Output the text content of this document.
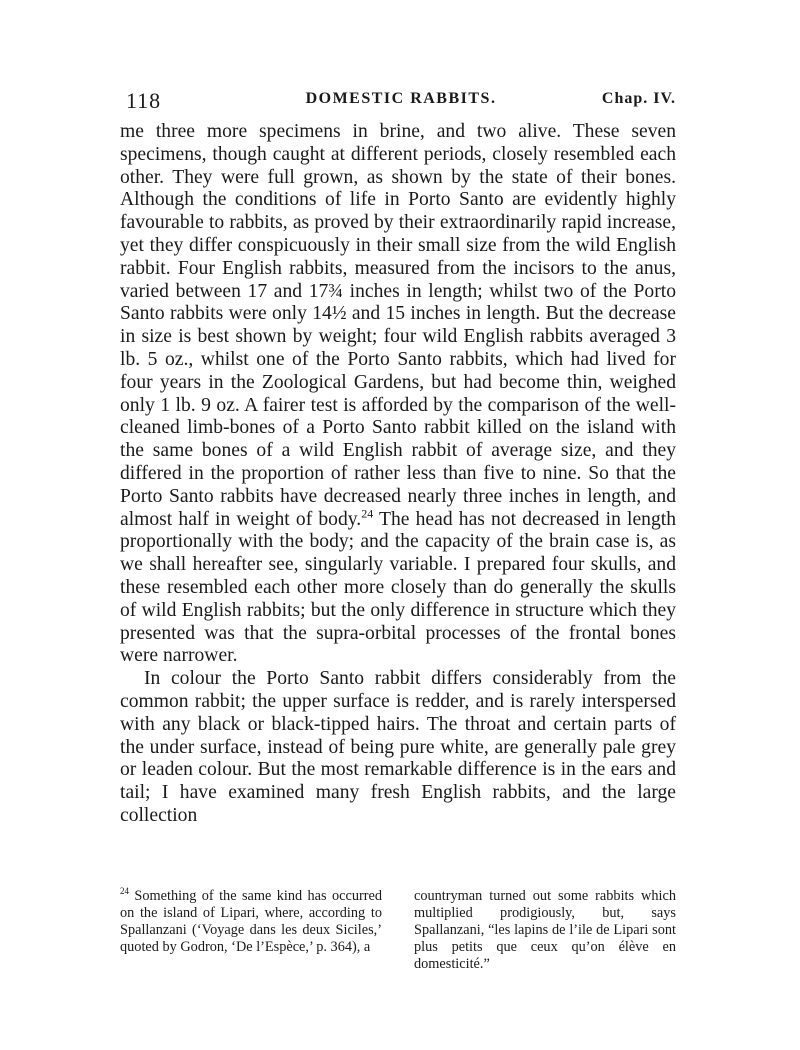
118	DOMESTIC RABBITS.	Chap. IV.

me three more specimens in brine, and two alive. These seven specimens, though caught at different periods, closely resembled each other. They were full grown, as shown by the state of their bones. Although the conditions of life in Porto Santo are evidently highly favourable to rabbits, as proved by their extraordinarily rapid increase, yet they differ conspicuously in their small size from the wild English rabbit. Four English rabbits, measured from the incisors to the anus, varied between 17 and 17¾ inches in length; whilst two of the Porto Santo rabbits were only 14½ and 15 inches in length. But the decrease in size is best shown by weight; four wild English rabbits averaged 3 lb. 5 oz., whilst one of the Porto Santo rabbits, which had lived for four years in the Zoological Gardens, but had become thin, weighed only 1 lb. 9 oz. A fairer test is afforded by the comparison of the well-cleaned limb-bones of a Porto Santo rabbit killed on the island with the same bones of a wild English rabbit of average size, and they differed in the proportion of rather less than five to nine. So that the Porto Santo rabbits have decreased nearly three inches in length, and almost half in weight of body.$^{24}$ The head has not decreased in length proportionally with the body; and the capacity of the brain case is, as we shall hereafter see, singularly variable. I prepared four skulls, and these resembled each other more closely than do generally the skulls of wild English rabbits; but the only difference in structure which they presented was that the supra-orbital processes of the frontal bones were narrower.

In colour the Porto Santo rabbit differs considerably from the common rabbit; the upper surface is redder, and is rarely interspersed with any black or black-tipped hairs. The throat and certain parts of the under surface, instead of being pure white, are generally pale grey or leaden colour. But the most remarkable difference is in the ears and tail; I have examined many fresh English rabbits, and the large collection

$^{24}$ Something of the same kind has occurred on the island of Lipari, where, according to Spallanzani (‘Voyage dans les deux Siciles,’ quoted by Godron, ‘De l’Espèce,’ p. 364), a
countryman turned out some rabbits which multiplied prodigiously, but, says Spallanzani, “les lapins de l’ile de Lipari sont plus petits que ceux qu’on élève en domesticité.”
